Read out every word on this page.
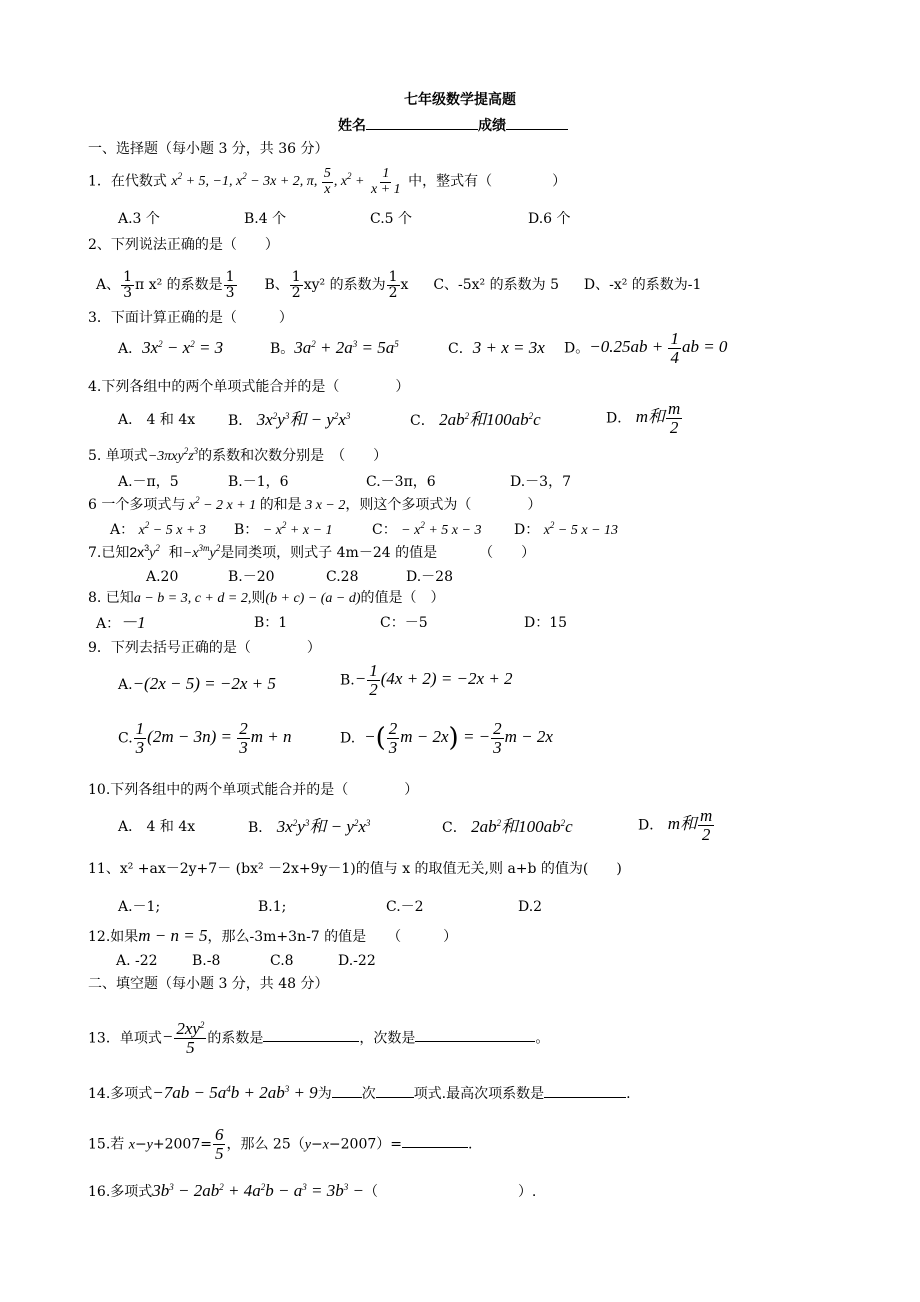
七年级数学提高题
姓名	成绩
一、选择题（每小题 3 分，共 36 分）
1．在代数式 $x^2 + 5$, −1, $x^2 - 3x + 2$, π, $\frac{5}{x}$ , $x^2 + \frac{1}{x + 1}$ 中，整式有（	）
A.3 个	B.4 个	C.5 个	D.6 个
2、下列说法正确的是（　　）
A、 $\frac{1}{3}$ π x² 的系数是 $\frac{1}{3}$ B、 $\frac{1}{2} xy^2$ 的系数为 $\frac{1}{2}$ x C、-5x² 的系数为 5 D、-x² 的系数为-1
3．下面计算正确的是（　　　）
A．$3x^2 - x^2 = 3$	B。$3a^2 + 2a^3 = 5a^5$	C．3 + x = 3x D。$-0.25ab + \frac{1}{4}$ ab = 0
4.下列各组中的两个单项式能合并的是（　　　　）
A． 4 和 4x B． $3x^2y^3$和 − $y^2x^3$	C． $2ab^2$和$100ab^2c$	D． m和 $\frac{m}{2}$
5. 单项式$-3\pi xy^2z^3$的系数和次数分别是　（　　）
A.－π，5	B.－1，6	C.－3π，6	D.－3，7
6 一个多项式与 $x^2 - 2$ x + 1 的和是 3 x − 2，则这个多项式为（　　　　）
A： $x^2 - 5$ x + 3 B： − $x^2 + x - 1$	C： − $x^2 + 5$ x − 3 D： $x^2 - 5$ x − 13
7.已知$2x^3y^2$ 和$-x^{3m}y^2$是同类项，则式子 4m－24 的值是	（　　）
A.20	B.－20	C.28	D.－28
8. 已知a − b = 3, c + d = 2,则(b + c) − (a − d)的值是（　）
A：－1	B：1	C：－5	D：15
9．下列去括号正确的是（　　　　）
A.−(2x − 5) = −2x + 5	$B.- \frac{1}{2} (4x + 2) = -2x + 2$
C. $\frac{1}{3} (2m - 3n) = \frac{2}{3}$ m + n	D. −( $\frac{2}{3}$ m − 2x) = − $\frac{2}{3}$ m − 2x
10.下列各组中的两个单项式能合并的是（　　　　）
A． 4 和 4x	B． $3x^2y^3$和 − $y^2x^3$	C． $2ab^2$和$100ab^2c$	D． m和 $\frac{m}{2}$
11、x² +ax－2y+7－ (bx² －2x+9y－1)的值与 x 的取值无关,则 a+b 的值为(　　)
A.－1;	B.1;	C.－2	D.2
12.如果m − n = 5，那么-3m+3n-7 的值是　　（　　　）
A. -22 B.-8	C.8	D.-22
二、填空题（每小题 3 分，共 48 分）
13．单项式− $\frac{2xy^2}{5}$ 的系数是	，次数是	。
14.多项式$-7ab - 5a^4b + 2ab^3 + 9$为 次	项式.最高次项系数是	.
15.若 $x-y+2007= \frac{6}{5}$ ，那么 25（y−x−2007）=	.
16.多项式$3b^3 - 2ab^2 + 4a^2b - a^3 = 3b^3$ −（	）.
